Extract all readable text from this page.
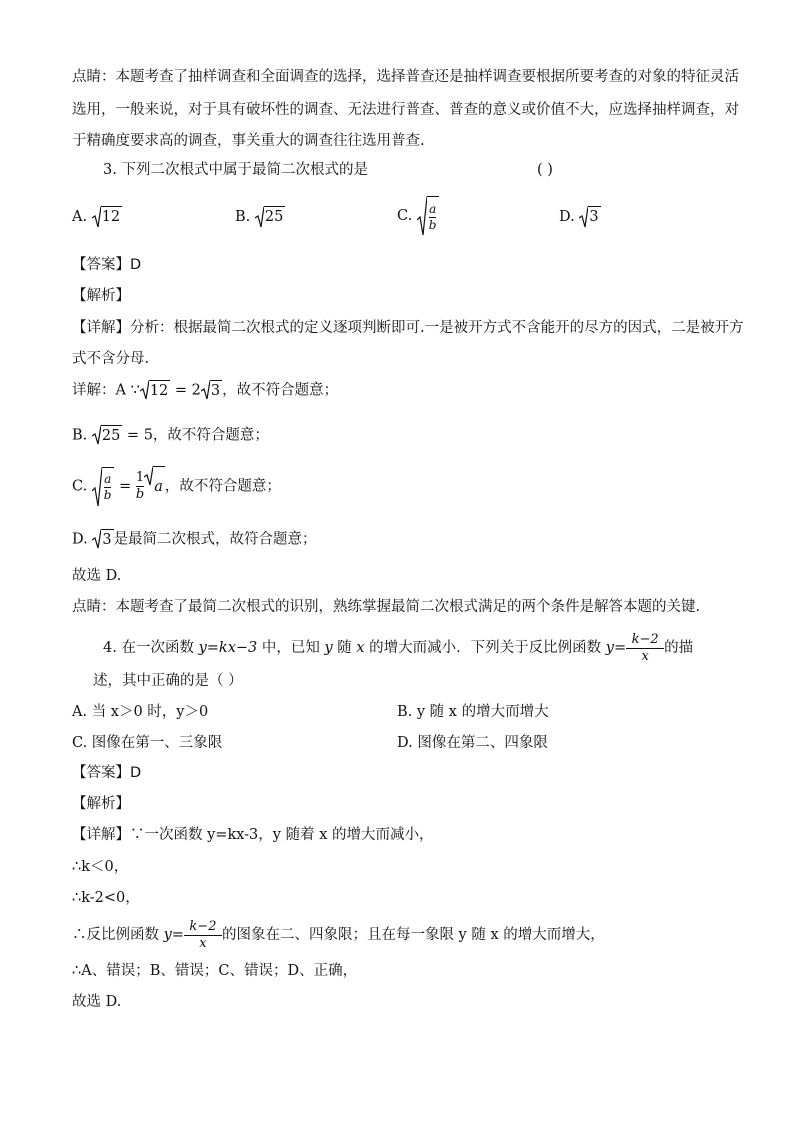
点睛：本题考查了抽样调查和全面调查的选择，选择普查还是抽样调查要根据所要考查的对象的特征灵活
选用，一般来说，对于具有破坏性的调查、无法进行普查、普查的意义或价值不大，应选择抽样调查，对
于精确度要求高的调查，事关重大的调查往往选用普查.
3. 下列二次根式中属于最简二次根式的是	( )
A. 12	B. 25	C. a
b	D. 3
【答案】D
【解析】
【详解】分析：根据最简二次根式的定义逐项判断即可.一是被开方式不含能开的尽方的因式，二是被开方
式不含分母.
详解：A ∵ 12 = 2 3 ，故不符合题意；
B. 25 = 5，故不符合题意；
C. a
b
= $\frac{1}{b}$ a ，故不符合题意；
D. 3 是最简二次根式，故符合题意；
故选 D.
点睛：本题考查了最简二次根式的识别，熟练掌握最简二次根式满足的两个条件是解答本题的关键.
4. 在一次函数 y=kx−3 中，已知 y 随 x 的增大而减小．下列关于反比例函数 $y= \frac{k-2}{x}$ 的描
述，其中正确的是（ ）
A. 当 x＞0 时，y＞0	B. y 随 x 的增大而增大
C. 图像在第一、三象限	D. 图像在第二、四象限
【答案】D
【解析】
【详解】∵一次函数 y=kx-3，y 随着 x 的增大而减小，
∴k＜0，
∴k-2<0，
∴反比例函数 $y= \frac{k-2}{x}$ 的图象在二、四象限；且在每一象限 y 随 x 的增大而增大，
∴A、错误；B、错误；C、错误；D、正确，
故选 D.
